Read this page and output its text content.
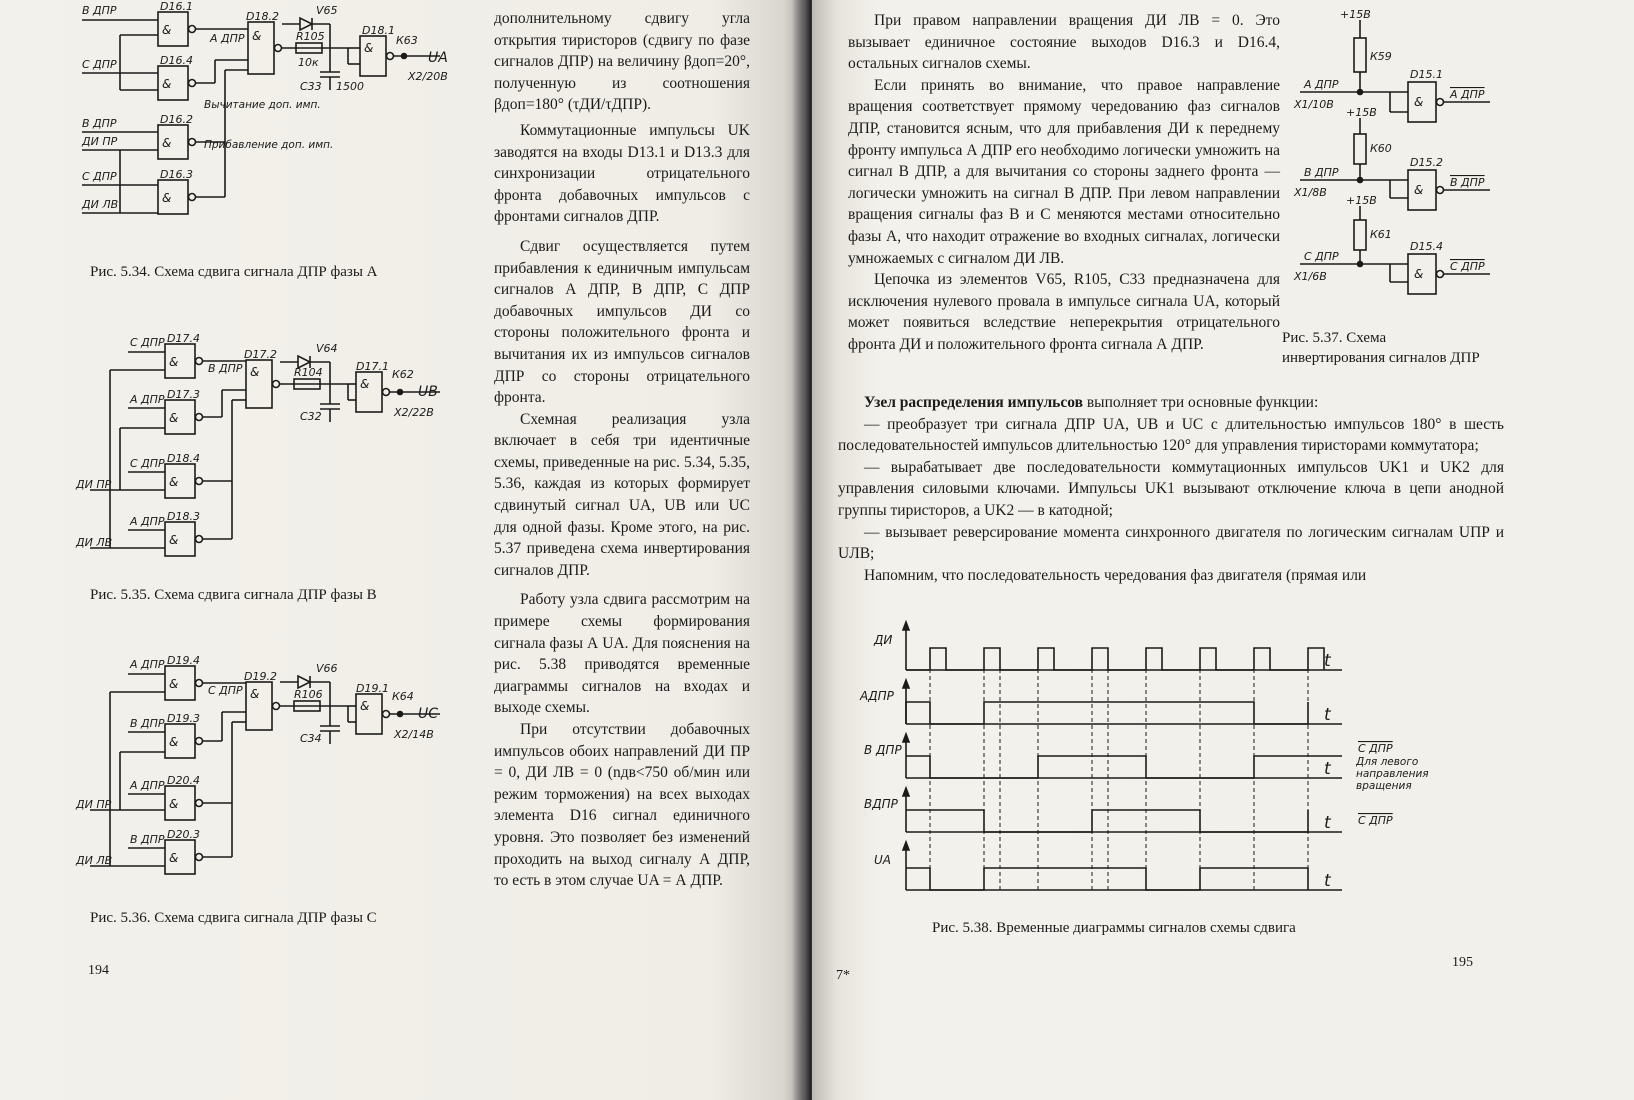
В ДПР
С ДПР
В ДПР
ДИ ПР
С ДПР
ДИ ЛВ
D16.1
D16.4
D16.2
D16.3
D18.2
D18.1
А ДПР
V65
R105
10к
С33 1500
К63
UA
X2/20В
Вычитание доп. имп.
Прибавление доп. имп.
&
&
&
&
&
&
Рис. 5.34. Схема сдвига сигнала ДПР фазы А
С ДПР
А ДПР
С ДПР
А ДПР
ДИ ПР
ДИ ЛВ
D17.4
D17.3
D18.4
D18.3
D17.2
D17.1
В ДПР
V64
R104
С32
К62
UB
X2/22В
&
&
&
&
&
&
Рис. 5.35. Схема сдвига сигнала ДПР фазы В
А ДПР
В ДПР
А ДПР
В ДПР
ДИ ПР
ДИ ЛВ
D19.4
D19.3
D20.4
D20.3
D19.2
D19.1
С ДПР
V66
R106
С34
К64
UC
X2/14В
&
&
&
&
&
&
Рис. 5.36. Схема сдвига сигнала ДПР фазы С

дополнительному сдвигу угла открытия тиристоров (сдвигу по фазе сигналов ДПР) на величину βдоп=20°, полученную из соотношения βдоп=180° (τДИ/τДПР).

Коммутационные импульсы UK заводятся на входы D13.1 и D13.3 для синхронизации отрицательного фронта добавочных импульсов с фронтами сигналов ДПР.

Сдвиг осуществляется путем прибавления к единичным импульсам сигналов А ДПР, В ДПР, С ДПР добавочных импульсов ДИ со стороны положительного фронта и вычитания их из импульсов сигналов ДПР со стороны отрицательного фронта.

Схемная реализация узла включает в себя три идентичные схемы, приведенные на рис. 5.34, 5.35, 5.36, каждая из которых формирует сдвинутый сигнал UA, UB или UC для одной фазы. Кроме этого, на рис. 5.37 приведена схема инвертирования сигналов ДПР.

Работу узла сдвига рассмотрим на примере схемы формирования сигнала фазы А UA. Для пояснения на рис. 5.38 приводятся временные диаграммы сигналов на входах и выходе схемы.

При отсутствии добавочных импульсов обоих направлений ДИ ПР = 0, ДИ ЛВ = 0 (nдв<750 об/мин или режим торможения) на всех выходах элемента D16 сигнал единичного уровня. Это позволяет без изменений проходить на выход сигналу А ДПР, то есть в этом случае UA = А ДПР.

194

При правом направлении вращения ДИ ЛВ = 0. Это вызывает единичное состояние выходов D16.3 и D16.4, остальных сигналов схемы.

Если принять во внимание, что правое направление вращения соответствует прямому чередованию фаз сигналов ДПР, становится ясным, что для прибавления ДИ к переднему фронту импульса А ДПР его необходимо логически умножить на сигнал В ДПР, а для вычитания со стороны заднего фронта — логически умножить на сигнал В ДПР. При левом направлении вращения сигналы фаз В и С меняются местами относительно фазы А, что находит отражение во входных сигналах, логически умножаемых с сигналом ДИ ЛВ.

Цепочка из элементов V65, R105, С33 предназначена для исключения нулевого провала в импульсе сигнала UA, который может появиться вследствие неперекрытия отрицательного фронта ДИ и положительного фронта сигнала А ДПР.

+15В
+15В
+15В
А ДПР
X1/10В
К59
D15.1
А ДПР
В ДПР
X1/8В
К60
D15.2
В ДПР
С ДПР
X1/6В
К61
D15.4
С ДПР
&
&
&
Рис. 5.37. Схема инвертирования сигналов ДПР

Узел распределения импульсов выполняет три основные функции:

— преобразует три сигнала ДПР UA, UB и UC с длительностью импульсов 180° в шесть последовательностей импульсов длительностью 120° для управления тиристорами коммутатора;

— вырабатывает две последовательности коммутационных импульсов UK1 и UK2 для управления силовыми ключами. Импульсы UK1 вызывают отключение ключа в цепи анодной группы тиристоров, а UK2 — в катодной;

— вызывает реверсирование момента синхронного двигателя по логическим сигналам UПР и UЛВ;

Напомним, что последовательность чередования фаз двигателя (прямая или

ДИ
АДПР
В ДПР
ВДПР
UA
t
t
t
t
t
С ДПР
Для левого направления вращения
С ДПР
Рис. 5.38. Временные диаграммы сигналов схемы сдвига
7*
195
